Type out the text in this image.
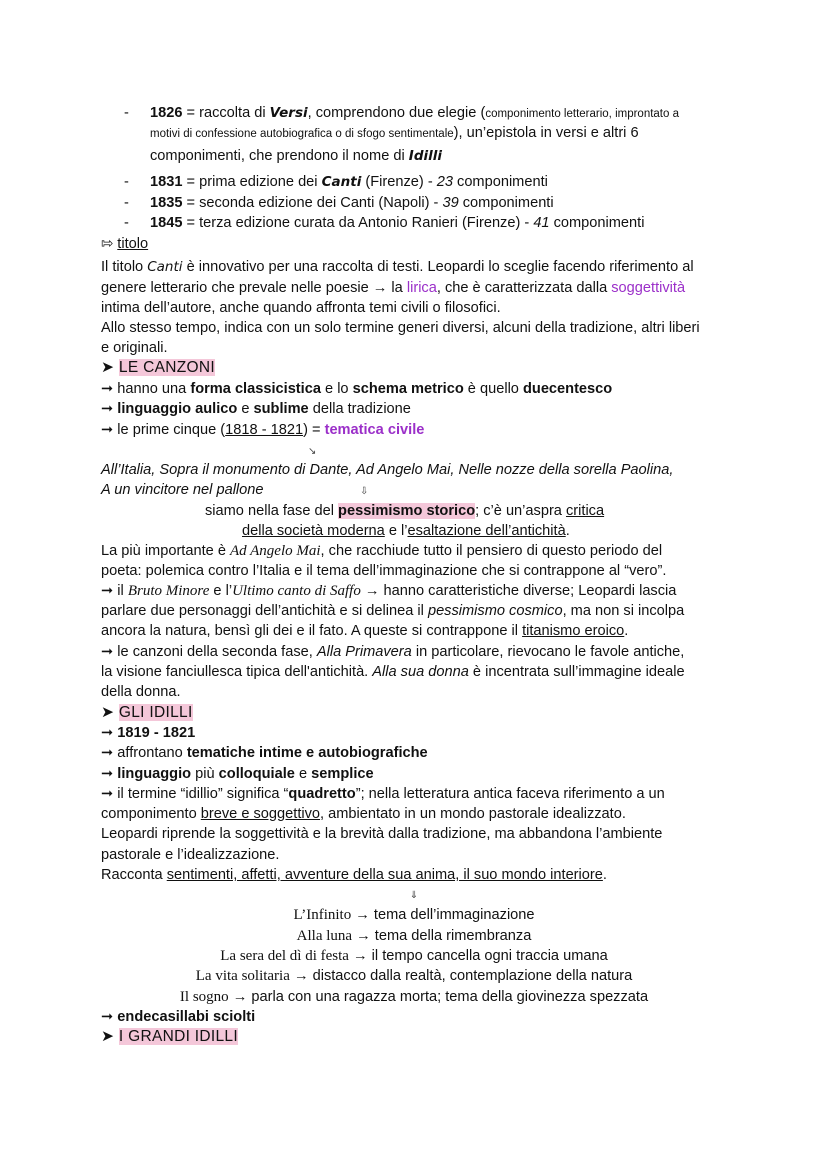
- 1826 = raccolta di Versi, comprendono due elegie (componimento letterario, improntato a
motivi di confessione autobiografica o di sfogo sentimentale), un’epistola in versi e altri 6
componimenti, che prendono il nome di Idilli
- 1831 = prima edizione dei Canti (Firenze) - 23 componimenti
- 1835 = seconda edizione dei Canti (Napoli) - 39 componimenti
- 1845 = terza edizione curata da Antonio Ranieri (Firenze) - 41 componimenti
⇰ titolo
Il titolo Canti è innovativo per una raccolta di testi. Leopardi lo sceglie facendo riferimento al
genere letterario che prevale nelle poesie → la lirica, che è caratterizzata dalla soggettività
intima dell’autore, anche quando affronta temi civili o filosofici.
Allo stesso tempo, indica con un solo termine generi diversi, alcuni della tradizione, altri liberi
e originali.
➤ LE CANZONI
➞ hanno una forma classicistica e lo schema metrico è quello duecentesco
➞ linguaggio aulico e sublime della tradizione
➞ le prime cinque (1818 - 1821) = tematica civile
↘
All’Italia, Sopra il monumento di Dante, Ad Angelo Mai, Nelle nozze della sorella Paolina,
A un vincitore nel pallone	⇩
siamo nella fase del pessimismo storico; c’è un’aspra critica
della società moderna e l’esaltazione dell’antichità.
La più importante è Ad Angelo Mai, che racchiude tutto il pensiero di questo periodo del
poeta: polemica contro l’Italia e il tema dell’immaginazione che si contrappone al “vero”.
➞ il Bruto Minore e l’Ultimo canto di Saffo → hanno caratteristiche diverse; Leopardi lascia
parlare due personaggi dell’antichità e si delinea il pessimismo cosmico, ma non si incolpa
ancora la natura, bensì gli dei e il fato. A queste si contrappone il titanismo eroico.
➞ le canzoni della seconda fase, Alla Primavera in particolare, rievocano le favole antiche,
la visione fanciullesca tipica dell'antichità. Alla sua donna è incentrata sull’immagine ideale
della donna.
➤ GLI IDILLI
➞ 1819 - 1821
➞ affrontano tematiche intime e autobiografiche
➞ linguaggio più colloquiale e semplice
➞ il termine “idillio” significa “quadretto”; nella letteratura antica faceva riferimento a un
componimento breve e soggettivo, ambientato in un mondo pastorale idealizzato.
Leopardi riprende la soggettività e la brevità dalla tradizione, ma abbandona l’ambiente
pastorale e l’idealizzazione.
Racconta sentimenti, affetti, avventure della sua anima, il suo mondo interiore.
⇓
L’Infinito → tema dell’immaginazione
Alla luna → tema della rimembranza
La sera del dì di festa → il tempo cancella ogni traccia umana
La vita solitaria → distacco dalla realtà, contemplazione della natura
Il sogno → parla con una ragazza morta; tema della giovinezza spezzata
➞ endecasillabi sciolti
➤ I GRANDI IDILLI
